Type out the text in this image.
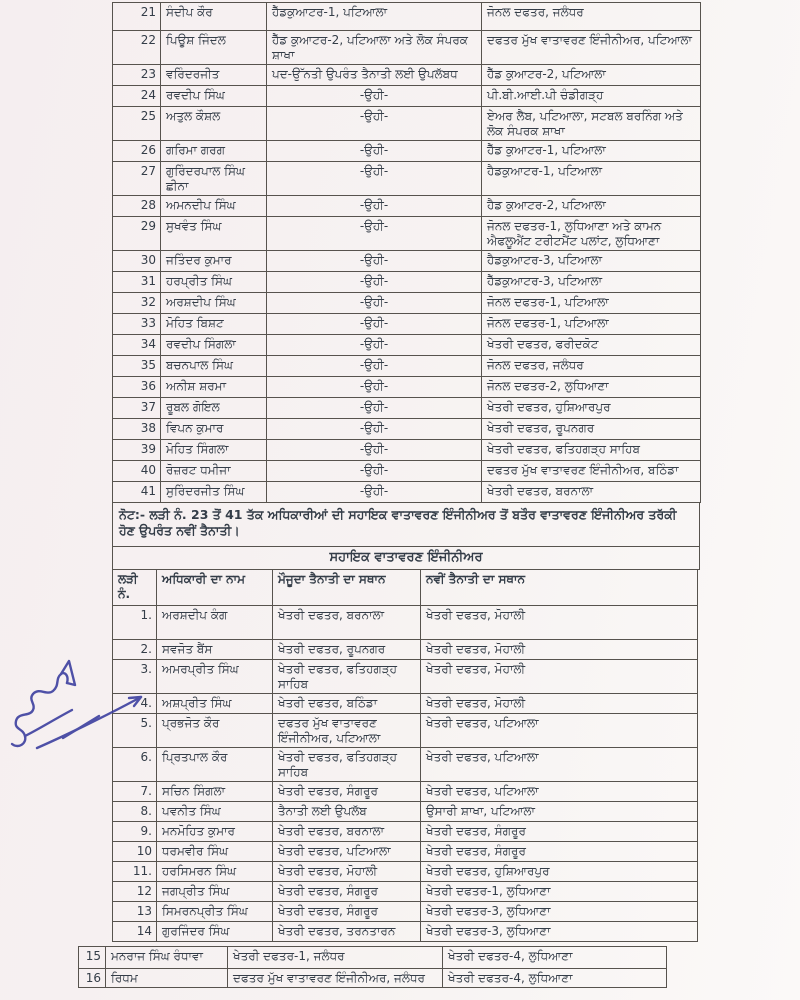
21	ਸੰਦੀਪ ਕੌਰ	ਹੈੱਡਕੁਆਟਰ-1, ਪਟਿਆਲਾ	ਜੋਨਲ ਦਫਤਰ, ਜਲੰਧਰ
22	ਪਿਊਸ਼ ਜਿੰਦਲ	ਹੈੱਡ ਕੁਆਟਰ-2, ਪਟਿਆਲਾ ਅਤੇ ਲੋਕ ਸੰਪਰਕ ਸ਼ਾਖਾ	ਦਫਤਰ ਮੁੱਖ ਵਾਤਾਵਰਣ ਇੰਜੀਨੀਅਰ, ਪਟਿਆਲਾ
23	ਵਰਿੰਦਰਜੀਤ	ਪਦ-ਉੱਨਤੀ ਉਪਰੰਤ ਤੈਨਾਤੀ ਲਈ ਉਪਲੱਬਧ	ਹੈੱਡ ਕੁਆਟਰ-2, ਪਟਿਆਲਾ
24	ਰਵਦੀਪ ਸਿੰਘ	-ਉਹੀ-	ਪੀ.ਬੀ.ਆਈ.ਪੀ ਚੰਡੀਗੜ੍ਹ
25	ਅਤੁਲ ਕੌਸ਼ਲ	-ਉਹੀ-	ਏਅਰ ਲੈਬ, ਪਟਿਆਲਾ, ਸਟਬਲ ਬਰਨਿੰਗ ਅਤੇ ਲੋਕ ਸੰਪਰਕ ਸ਼ਾਖਾ
26	ਗਰਿਮਾ ਗਰਗ	-ਉਹੀ-	ਹੈੱਡ ਕੁਆਟਰ-1, ਪਟਿਆਲਾ
27	ਗੁਰਿੰਦਰਪਾਲ ਸਿੰਘ ਛੀਨਾ	-ਉਹੀ-	ਹੈਡਕੁਆਟਰ-1, ਪਟਿਆਲਾ
28	ਅਮਨਦੀਪ ਸਿੰਘ	-ਉਹੀ-	ਹੈਡ ਕੁਆਟਰ-2, ਪਟਿਆਲਾ
29	ਸੁਖਵੰਤ ਸਿੰਘ	-ਉਹੀ-	ਜੋਨਲ ਦਫਤਰ-1, ਲੁਧਿਆਣਾ ਅਤੇ ਕਾਮਨ ਐਫਲੂਐਂਟ ਟਰੀਟਮੈਂਟ ਪਲਾਂਟ, ਲੁਧਿਆਣਾ
30	ਜਤਿੰਦਰ ਕੁਮਾਰ	-ਉਹੀ-	ਹੈਡਕੁਆਟਰ-3, ਪਟਿਆਲਾ
31	ਹਰਪ੍ਰੀਤ ਸਿੰਘ	-ਉਹੀ-	ਹੈੱਡਕੁਆਟਰ-3, ਪਟਿਆਲਾ
32	ਅਰਸ਼ਦੀਪ ਸਿੰਘ	-ਉਹੀ-	ਜੋਨਲ ਦਫਤਰ-1, ਪਟਿਆਲਾ
33	ਮੋਹਿਤ ਬਿਸ਼ਟ	-ਉਹੀ-	ਜੋਨਲ ਦਫਤਰ-1, ਪਟਿਆਲਾ
34	ਰਵਦੀਪ ਸਿੰਗਲਾ	-ਉਹੀ-	ਖੇਤਰੀ ਦਫਤਰ, ਫਰੀਦਕੋਟ
35	ਬਚਨਪਾਲ ਸਿੰਘ	-ਉਹੀ-	ਜੋਨਲ ਦਫਤਰ, ਜਲੰਧਰ
36	ਅਨੀਸ਼ ਸ਼ਰਮਾ	-ਉਹੀ-	ਜੋਨਲ ਦਫਤਰ-2, ਲੁਧਿਆਣਾ
37	ਰੂਬਲ ਗੋਇਲ	-ਉਹੀ-	ਖੇਤਰੀ ਦਫਤਰ, ਹੁਸ਼ਿਆਰਪੁਰ
38	ਵਿਪਨ ਕੁਮਾਰ	-ਉਹੀ-	ਖੇਤਰੀ ਦਫਤਰ, ਰੂਪਨਗਰ
39	ਮੋਹਿਤ ਸਿੰਗਲਾ	-ਉਹੀ-	ਖੇਤਰੀ ਦਫਤਰ, ਫਤਿਹਗੜ੍ਹ ਸਾਹਿਬ
40	ਰੋਜ਼ਰਟ ਧਮੀਜਾ	-ਉਹੀ-	ਦਫਤਰ ਮੁੱਖ ਵਾਤਾਵਰਣ ਇੰਜੀਨੀਅਰ, ਬਠਿੰਡਾ
41	ਸੁਰਿੰਦਰਜੀਤ ਸਿੰਘ	-ਉਹੀ-	ਖੇਤਰੀ ਦਫਤਰ, ਬਰਨਾਲਾ
ਨੋਟ:- ਲੜੀ ਨੰ. 23 ਤੋਂ 41 ਤੱਕ ਅਧਿਕਾਰੀਆਂ ਦੀ ਸਹਾਇਕ ਵਾਤਾਵਰਣ ਇੰਜੀਨੀਅਰ ਤੋਂ ਬਤੌਰ ਵਾਤਾਵਰਣ ਇੰਜੀਨੀਅਰ ਤਰੱਕੀ ਹੋਣ ਉਪਰੰਤ ਨਵੀਂ ਤੈਨਾਤੀ।
ਸਹਾਇਕ ਵਾਤਾਵਰਣ ਇੰਜੀਨੀਅਰ
ਲੜੀ ਨੰ.	ਅਧਿਕਾਰੀ ਦਾ ਨਾਮ	ਮੌਜੂਦਾ ਤੈਨਾਤੀ ਦਾ ਸਥਾਨ	ਨਵੀਂ ਤੈਨਾਤੀ ਦਾ ਸਥਾਨ
1.	ਅਰਸ਼ਦੀਪ ਕੰਗ	ਖੇਤਰੀ ਦਫਤਰ, ਬਰਨਾਲਾ	ਖੇਤਰੀ ਦਫਤਰ, ਮੋਹਾਲੀ
2.	ਸਵਜੋਤ ਬੈਂਸ	ਖੇਤਰੀ ਦਫਤਰ, ਰੂਪਨਗਰ	ਖੇਤਰੀ ਦਫਤਰ, ਮੋਹਾਲੀ
3.	ਅਮਰਪ੍ਰੀਤ ਸਿੰਘ	ਖੇਤਰੀ ਦਫਤਰ, ਫਤਿਹਗੜ੍ਹ ਸਾਹਿਬ	ਖੇਤਰੀ ਦਫਤਰ, ਮੋਹਾਲੀ
4.	ਅਸ਼ਪ੍ਰੀਤ ਸਿੰਘ	ਖੇਤਰੀ ਦਫਤਰ, ਬਠਿੰਡਾ	ਖੇਤਰੀ ਦਫਤਰ, ਮੋਹਾਲੀ
5.	ਪ੍ਰਭਜੋਤ ਕੌਰ	ਦਫਤਰ ਮੁੱਖ ਵਾਤਾਵਰਣ ਇੰਜੀਨੀਅਰ, ਪਟਿਆਲਾ	ਖੇਤਰੀ ਦਫਤਰ, ਪਟਿਆਲਾ
6.	ਪ੍ਰਿਤਪਾਲ ਕੌਰ	ਖੇਤਰੀ ਦਫਤਰ, ਫਤਿਹਗੜ੍ਹ ਸਾਹਿਬ	ਖੇਤਰੀ ਦਫਤਰ, ਪਟਿਆਲਾ
7.	ਸਚਿਨ ਸਿੰਗਲਾ	ਖੇਤਰੀ ਦਫਤਰ, ਸੰਗਰੂਰ	ਖੇਤਰੀ ਦਫਤਰ, ਪਟਿਆਲਾ
8.	ਪਵਨੀਤ ਸਿੰਘ	ਤੈਨਾਤੀ ਲਈ ਉਪਲੱਬ	ਉਸਾਰੀ ਸ਼ਾਖਾ, ਪਟਿਆਲਾ
9.	ਮਨਮੋਹਿਤ ਕੁਮਾਰ	ਖੇਤਰੀ ਦਫਤਰ, ਬਰਨਾਲਾ	ਖੇਤਰੀ ਦਫਤਰ, ਸੰਗਰੂਰ
10	ਧਰਮਵੀਰ ਸਿੰਘ	ਖੇਤਰੀ ਦਫਤਰ, ਪਟਿਆਲਾ	ਖੇਤਰੀ ਦਫਤਰ, ਸੰਗਰੂਰ
11.	ਹਰਸਿਮਰਨ ਸਿੰਘ	ਖੇਤਰੀ ਦਫਤਰ, ਮੋਹਾਲੀ	ਖੇਤਰੀ ਦਫਤਰ, ਹੁਸ਼ਿਆਰਪੁਰ
12	ਜਗਪ੍ਰੀਤ ਸਿੰਘ	ਖੇਤਰੀ ਦਫਤਰ, ਸੰਗਰੂਰ	ਖੇਤਰੀ ਦਫਤਰ-1, ਲੁਧਿਆਣਾ
13	ਸਿਮਰਨਪ੍ਰੀਤ ਸਿੰਘ	ਖੇਤਰੀ ਦਫਤਰ, ਸੰਗਰੂਰ	ਖੇਤਰੀ ਦਫਤਰ-3, ਲੁਧਿਆਣਾ
14	ਗੁਰਜਿੰਦਰ ਸਿੰਘ	ਖੇਤਰੀ ਦਫਤਰ, ਤਰਨਤਾਰਨ	ਖੇਤਰੀ ਦਫਤਰ-3, ਲੁਧਿਆਣਾ
15	ਮਨਰਾਜ ਸਿੰਘ ਰੰਧਾਵਾ	ਖੇਤਰੀ ਦਫਤਰ-1, ਜਲੰਧਰ	ਖੇਤਰੀ ਦਫਤਰ-4, ਲੁਧਿਆਣਾ
16	ਰਿਧਮ	ਦਫਤਰ ਮੁੱਖ ਵਾਤਾਵਰਣ ਇੰਜੀਨੀਅਰ, ਜਲੰਧਰ	ਖੇਤਰੀ ਦਫਤਰ-4, ਲੁਧਿਆਣਾ
